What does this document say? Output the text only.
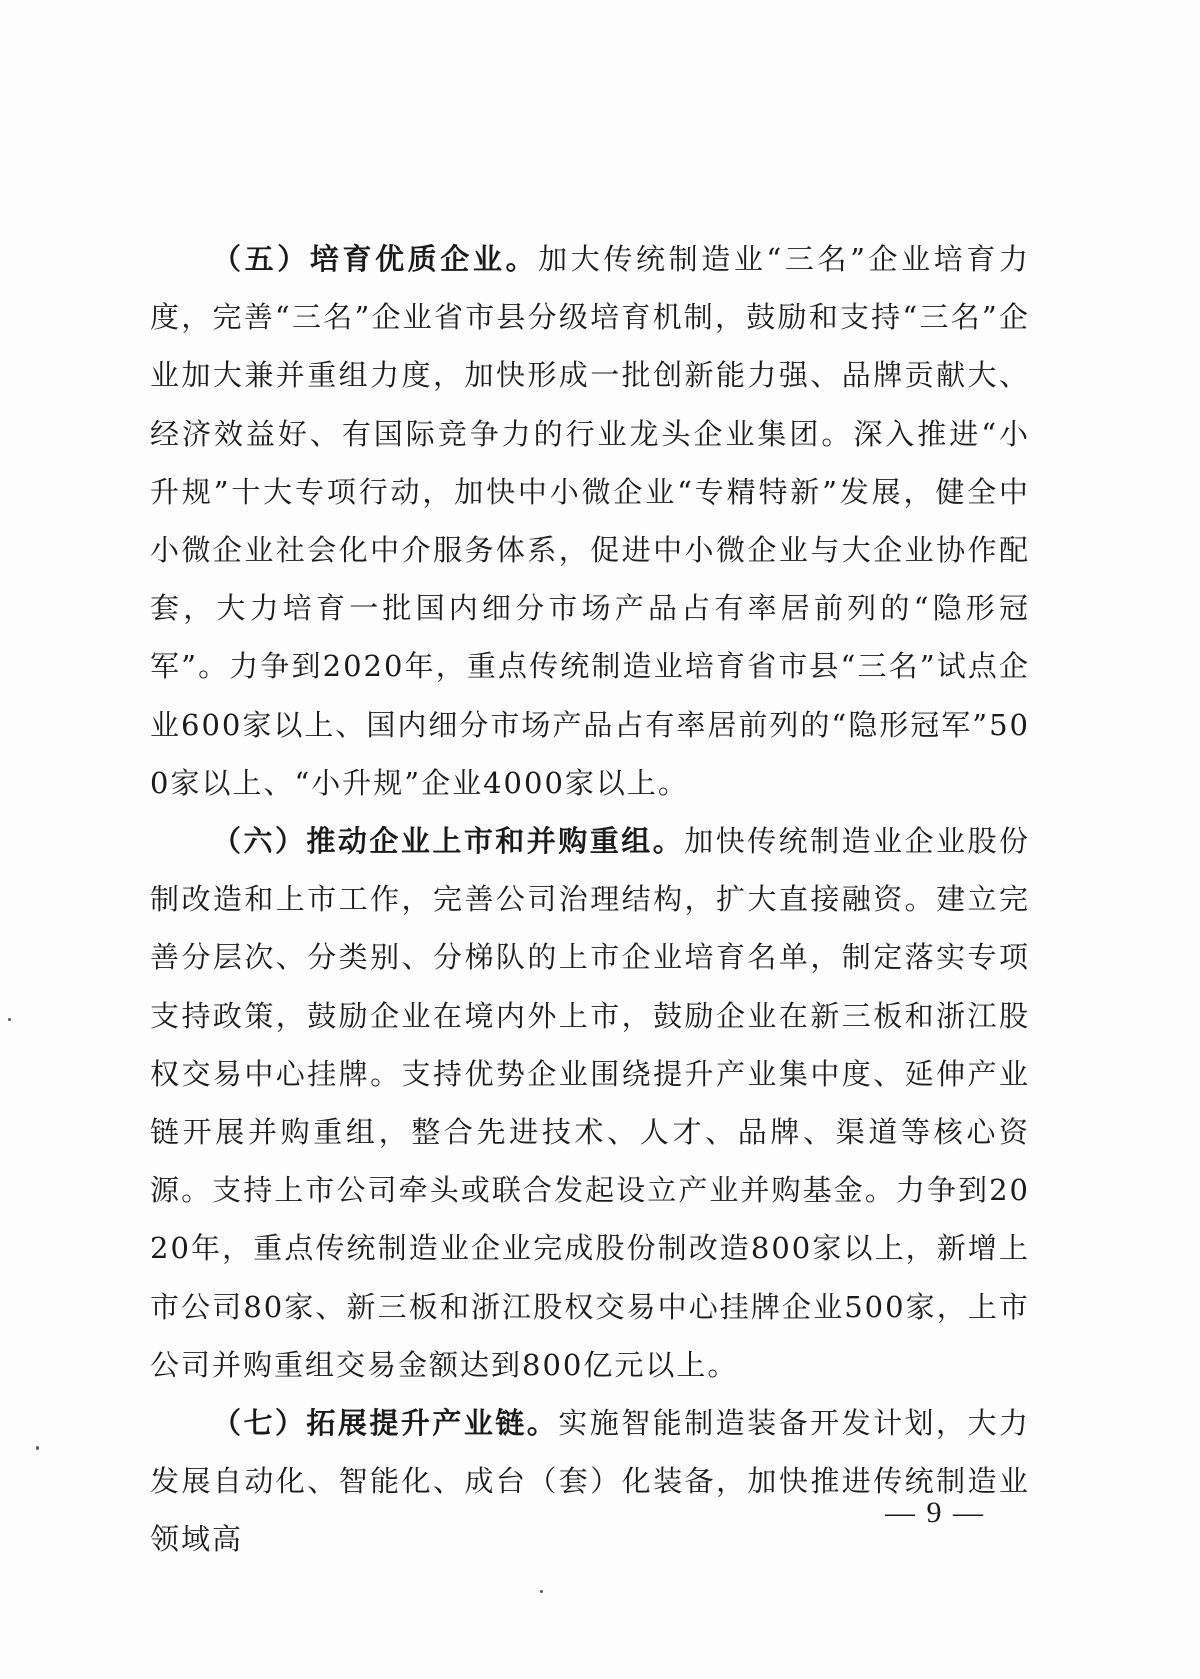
（五）培育优质企业。加大传统制造业“三名”企业培育力度，完善“三名”企业省市县分级培育机制，鼓励和支持“三名”企业加大兼并重组力度，加快形成一批创新能力强、品牌贡献大、经济效益好、有国际竞争力的行业龙头企业集团。深入推进“小升规”十大专项行动，加快中小微企业“专精特新”发展，健全中小微企业社会化中介服务体系，促进中小微企业与大企业协作配套，大力培育一批国内细分市场产品占有率居前列的“隐形冠军”。力争到2020年，重点传统制造业培育省市县“三名”试点企业600家以上、国内细分市场产品占有率居前列的“隐形冠军”500家以上、“小升规”企业4000家以上。

（六）推动企业上市和并购重组。加快传统制造业企业股份制改造和上市工作，完善公司治理结构，扩大直接融资。建立完善分层次、分类别、分梯队的上市企业培育名单，制定落实专项支持政策，鼓励企业在境内外上市，鼓励企业在新三板和浙江股权交易中心挂牌。支持优势企业围绕提升产业集中度、延伸产业链开展并购重组，整合先进技术、人才、品牌、渠道等核心资源。支持上市公司牵头或联合发起设立产业并购基金。力争到2020年，重点传统制造业企业完成股份制改造800家以上，新增上市公司80家、新三板和浙江股权交易中心挂牌企业500家，上市公司并购重组交易金额达到800亿元以上。

（七）拓展提升产业链。实施智能制造装备开发计划，大力发展自动化、智能化、成台（套）化装备，加快推进传统制造业领域高

— 9 —
